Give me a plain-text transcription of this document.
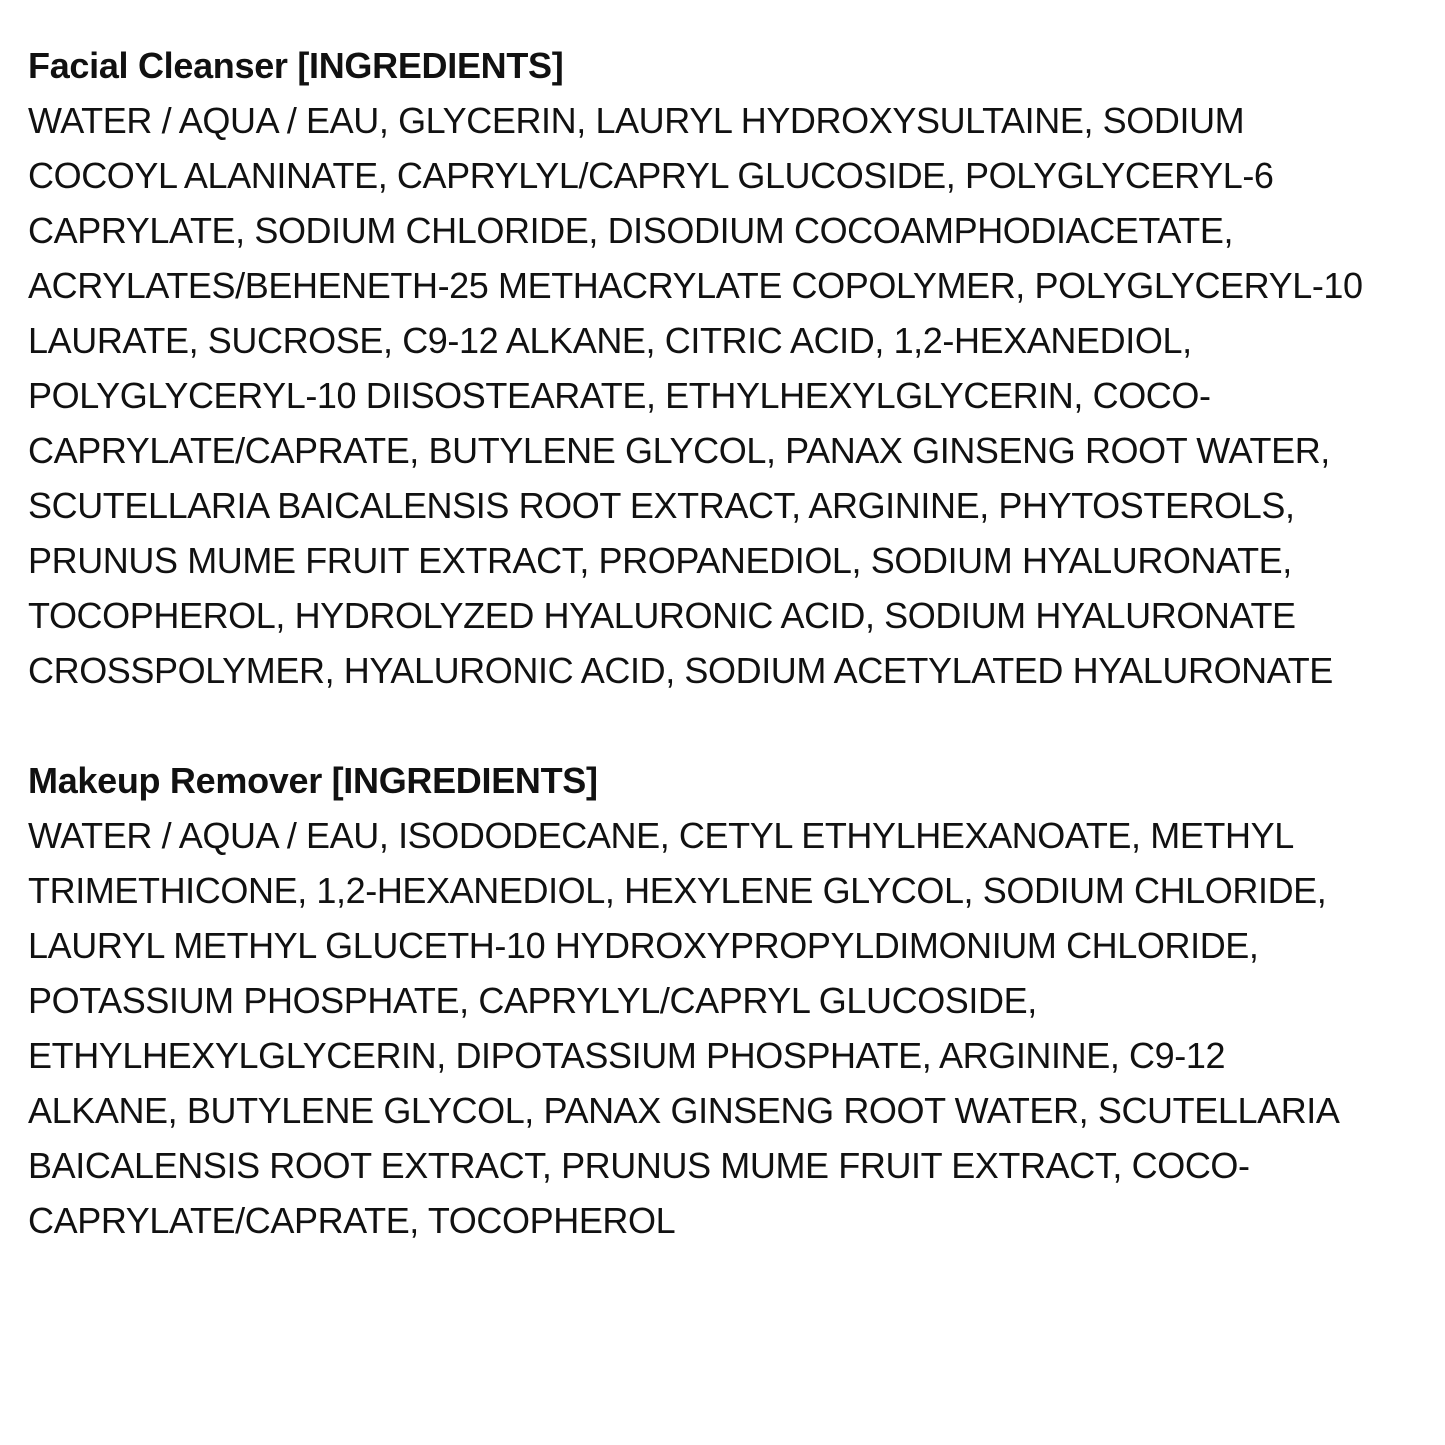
Facial Cleanser [INGREDIENTS]
WATER / AQUA / EAU, GLYCERIN, LAURYL HYDROXYSULTAINE, SODIUM
COCOYL ALANINATE, CAPRYLYL/CAPRYL GLUCOSIDE, POLYGLYCERYL-6
CAPRYLATE, SODIUM CHLORIDE, DISODIUM COCOAMPHODIACETATE,
ACRYLATES/BEHENETH-25 METHACRYLATE COPOLYMER, POLYGLYCERYL-10
LAURATE, SUCROSE, C9-12 ALKANE, CITRIC ACID, 1,2-HEXANEDIOL,
POLYGLYCERYL-10 DIISOSTEARATE, ETHYLHEXYLGLYCERIN, COCO-
CAPRYLATE/CAPRATE, BUTYLENE GLYCOL, PANAX GINSENG ROOT WATER,
SCUTELLARIA BAICALENSIS ROOT EXTRACT, ARGININE, PHYTOSTEROLS,
PRUNUS MUME FRUIT EXTRACT, PROPANEDIOL, SODIUM HYALURONATE,
TOCOPHEROL, HYDROLYZED HYALURONIC ACID, SODIUM HYALURONATE
CROSSPOLYMER, HYALURONIC ACID, SODIUM ACETYLATED HYALURONATE
Makeup Remover [INGREDIENTS]
WATER / AQUA / EAU, ISODODECANE, CETYL ETHYLHEXANOATE, METHYL
TRIMETHICONE, 1,2-HEXANEDIOL, HEXYLENE GLYCOL, SODIUM CHLORIDE,
LAURYL METHYL GLUCETH-10 HYDROXYPROPYLDIMONIUM CHLORIDE,
POTASSIUM PHOSPHATE, CAPRYLYL/CAPRYL GLUCOSIDE,
ETHYLHEXYLGLYCERIN, DIPOTASSIUM PHOSPHATE, ARGININE, C9-12
ALKANE, BUTYLENE GLYCOL, PANAX GINSENG ROOT WATER, SCUTELLARIA
BAICALENSIS ROOT EXTRACT, PRUNUS MUME FRUIT EXTRACT, COCO-
CAPRYLATE/CAPRATE, TOCOPHEROL
